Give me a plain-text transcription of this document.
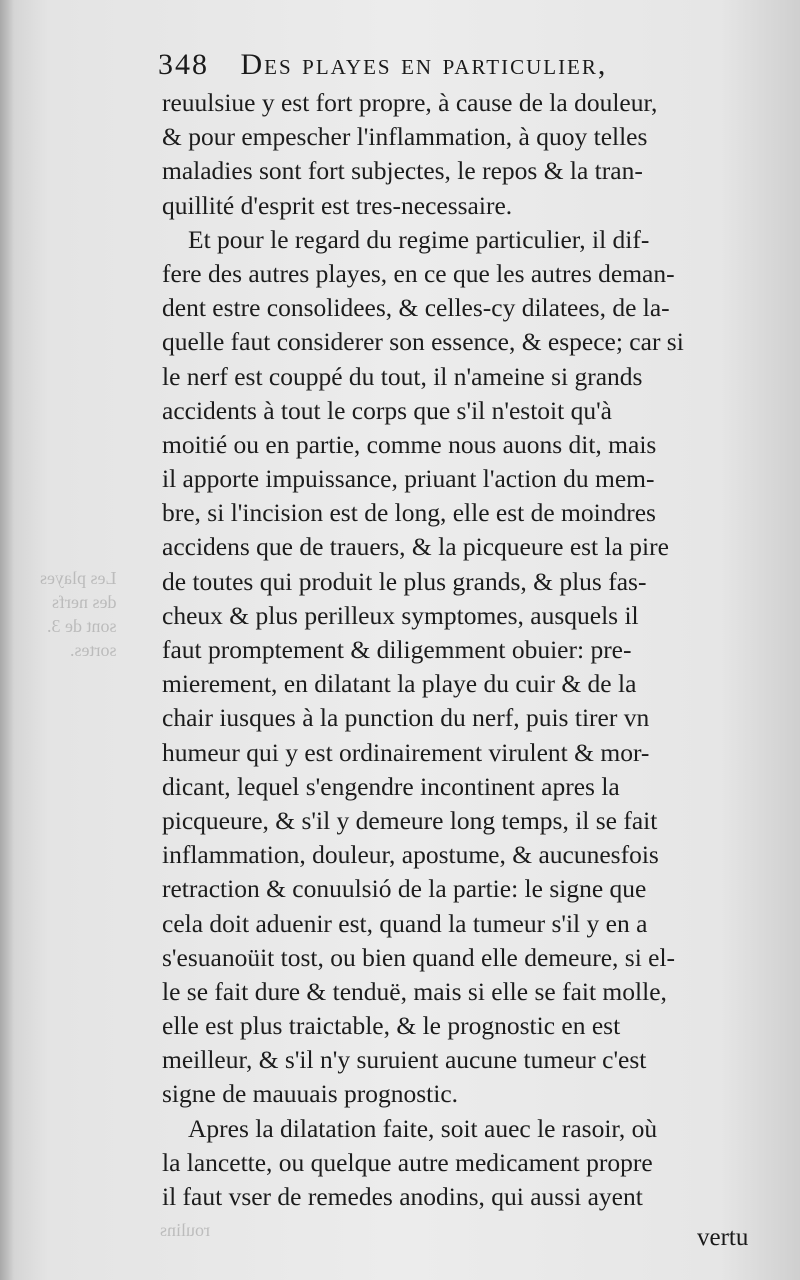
Les playes
des nerfs
sont de 3.
sortes.
roulins
348 Des playes en particulier,
reuulsiue y est fort propre, à cause de la douleur,
& pour empescher l'inflammation, à quoy telles
maladies sont fort subjectes, le repos & la tran-
quillité d'esprit est tres-necessaire.
Et pour le regard du regime particulier, il dif-
fere des autres playes, en ce que les autres deman-
dent estre consolidees, & celles-cy dilatees, de la-
quelle faut considerer son essence, & espece; car si
le nerf est couppé du tout, il n'ameine si grands
accidents à tout le corps que s'il n'estoit qu'à
moitié ou en partie, comme nous auons dit, mais
il apporte impuissance, priuant l'action du mem-
bre, si l'incision est de long, elle est de moindres
accidens que de trauers, & la picqueure est la pire
de toutes qui produit le plus grands, & plus fas-
cheux & plus perilleux symptomes, ausquels il
faut promptement & diligemment obuier: pre-
mierement, en dilatant la playe du cuir & de la
chair iusques à la punction du nerf, puis tirer vn
humeur qui y est ordinairement virulent & mor-
dicant, lequel s'engendre incontinent apres la
picqueure, & s'il y demeure long temps, il se fait
inflammation, douleur, apostume, & aucunesfois
retraction & conuulsió de la partie: le signe que
cela doit aduenir est, quand la tumeur s'il y en a
s'esuanoüit tost, ou bien quand elle demeure, si el-
le se fait dure & tenduë, mais si elle se fait molle,
elle est plus traictable, & le prognostic en est
meilleur, & s'il n'y suruient aucune tumeur c'est
signe de mauuais prognostic.
Apres la dilatation faite, soit auec le rasoir, où
la lancette, ou quelque autre medicament propre
il faut vser de remedes anodins, qui aussi ayent
vertu
